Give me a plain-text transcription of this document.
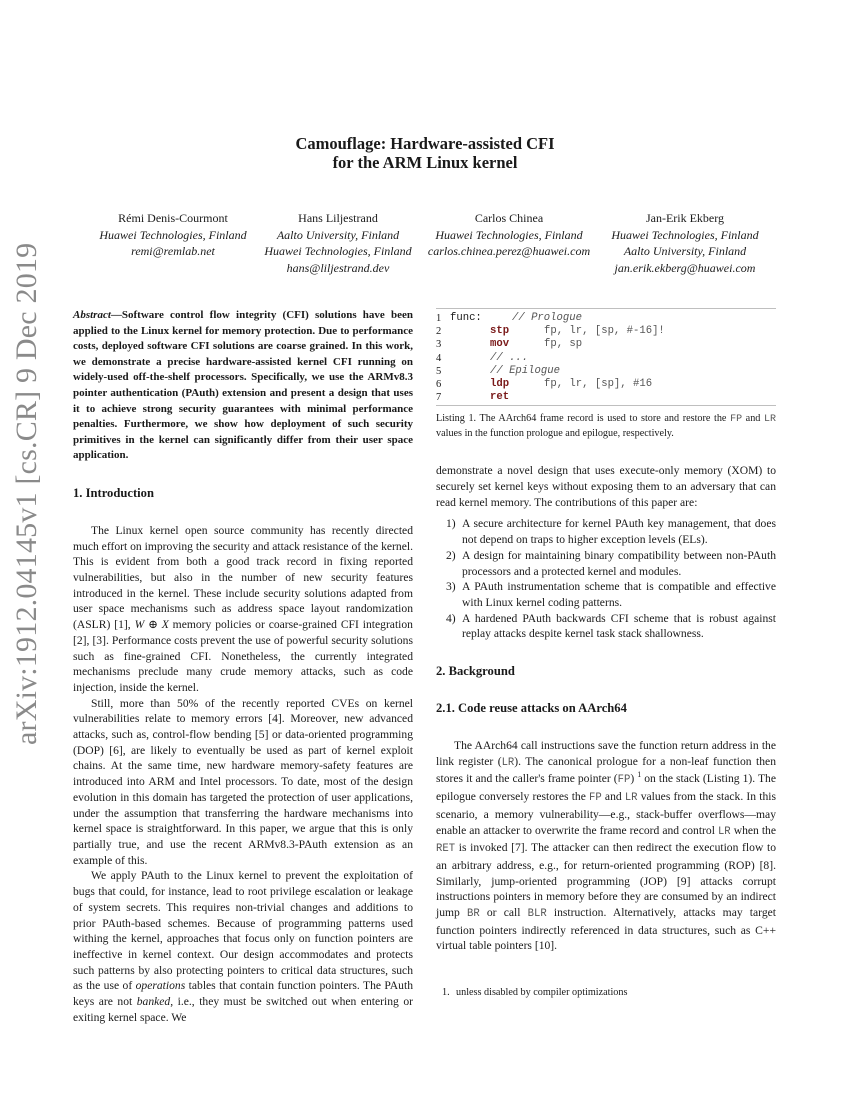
arXiv:1912.04145v1 [cs.CR] 9 Dec 2019
Camouflage: Hardware-assisted CFI
for the ARM Linux kernel
Rémi Denis-Courmont
Huawei Technologies, Finland
remi@remlab.net
Hans Liljestrand
Aalto University, Finland
Huawei Technologies, Finland
hans@liljestrand.dev
Carlos Chinea
Huawei Technologies, Finland
carlos.chinea.perez@huawei.com
Jan-Erik Ekberg
Huawei Technologies, Finland
Aalto University, Finland
jan.erik.ekberg@huawei.com

Abstract—Software control flow integrity (CFI) solutions have been applied to the Linux kernel for memory protection. Due to performance costs, deployed software CFI solutions are coarse grained. In this work, we demonstrate a precise hardware-assisted kernel CFI running on widely-used off-the-shelf processors. Specifically, we use the ARMv8.3 pointer authentication (PAuth) extension and present a design that uses it to achieve strong security guarantees with minimal performance penalties. Furthermore, we show how deployment of such security primitives in the kernel can significantly differ from their user space application.

1. Introduction

The Linux kernel open source community has recently directed much effort on improving the security and attack resistance of the kernel. This is evident from both a good track record in fixing reported vulnerabilities, but also in the number of new security features introduced in the kernel. These include security solutions adapted from user space mechanisms such as address space layout randomization (ASLR) [1], W ⊕ X memory policies or coarse-grained CFI integration [2], [3]. Performance costs prevent the use of powerful security solutions such as fine-grained CFI. Nonetheless, the currently integrated mechanisms preclude many crude memory attacks, such as code injection, inside the kernel.

Still, more than 50% of the recently reported CVEs on kernel vulnerabilities relate to memory errors [4]. Moreover, new advanced attacks, such as, control-flow bending [5] or data-oriented programming (DOP) [6], are likely to eventually be used as part of kernel exploit chains. At the same time, new hardware memory-safety features are introduced into ARM and Intel processors. To date, most of the design evolution in this domain has targeted the protection of user applications, under the assumption that transferring the hardware mechanisms into kernel space is straightforward. In this paper, we argue that this is only partially true, and use the recent ARMv8.3-PAuth extension as an example of this.

We apply PAuth to the Linux kernel to prevent the exploitation of bugs that could, for instance, lead to root privilege escalation or leakage of system secrets. This requires non-trivial changes and additions to prior PAuth-based schemes. Because of programming patterns used withing the kernel, approaches that focus only on function pointers are ineffective in kernel context. Our design accommodates and protects such patterns by also protecting pointers to critical data structures, such as the use of operations tables that contain function pointers. The PAuth keys are not banked, i.e., they must be switched out when entering or exiting kernel space. We

1 func:	// Prologue
2	stp	fp, lr, [sp, #-16]!
3	mov	fp, sp
4	// ...
5	// Epilogue
6	ldp	fp, lr, [sp], #16
7	ret
Listing 1. The AArch64 frame record is used to store and restore the FP and LR values in the function prologue and epilogue, respectively.

demonstrate a novel design that uses execute-only memory (XOM) to securely set kernel keys without exposing them to an adversary that can read kernel memory. The contributions of this paper are:

1) A secure architecture for kernel PAuth key management, that does not depend on traps to higher exception levels (ELs).
2) A design for maintaining binary compatibility between non-PAuth processors and a protected kernel and modules.
3) A PAuth instrumentation scheme that is compatible and effective with Linux kernel coding patterns.
4) A hardened PAuth backwards CFI scheme that is robust against replay attacks despite kernel task stack shallowness.
2. Background
2.1. Code reuse attacks on AArch64

The AArch64 call instructions save the function return address in the link register (LR). The canonical prologue for a non-leaf function then stores it and the caller's frame pointer (FP) $^1$ on the stack (Listing 1). The epilogue conversely restores the FP and LR values from the stack. In this scenario, a memory vulnerability—e.g., stack-buffer overflows—may enable an attacker to overwrite the frame record and control LR when the RET is invoked [7]. The attacker can then redirect the execution flow to an arbitrary address, e.g., for return-oriented programming (ROP) [8]. Similarly, jump-oriented programming (JOP) [9] attacks corrupt instructions pointers in memory before they are consumed by an indirect jump BR or call BLR instruction. Alternatively, attacks may target function pointers indirectly referenced in data structures, such as C++ virtual table pointers [10].

1. unless disabled by compiler optimizations
